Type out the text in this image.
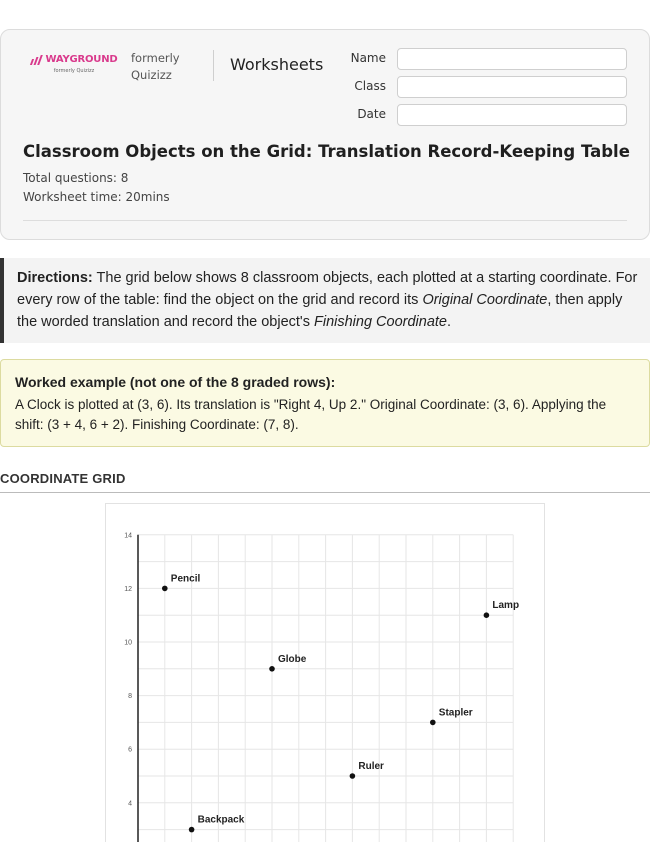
WAYGROUND
formerly Quizizz
formerly
Quizizz
Worksheets	Name
Class
Date
Classroom Objects on the Grid: Translation Record-Keeping Table
Total questions: 8
Worksheet time: 20mins
Directions: The grid below shows 8 classroom objects, each plotted at a starting coordinate. For every row of the table: find the object on the grid and record its Original Coordinate, then apply the worded translation and record the object's Finishing Coordinate.
Worked example (not one of the 8 graded rows):
A Clock is plotted at (3, 6). Its translation is "Right 4, Up 2." Original Coordinate: (3, 6). Applying the shift: (3 + 4, 6 + 2). Finishing Coordinate: (7, 8).
COORDINATE GRID
4
6
8
10
12
14
Pencil
Lamp
Globe
Stapler
Ruler
Backpack
